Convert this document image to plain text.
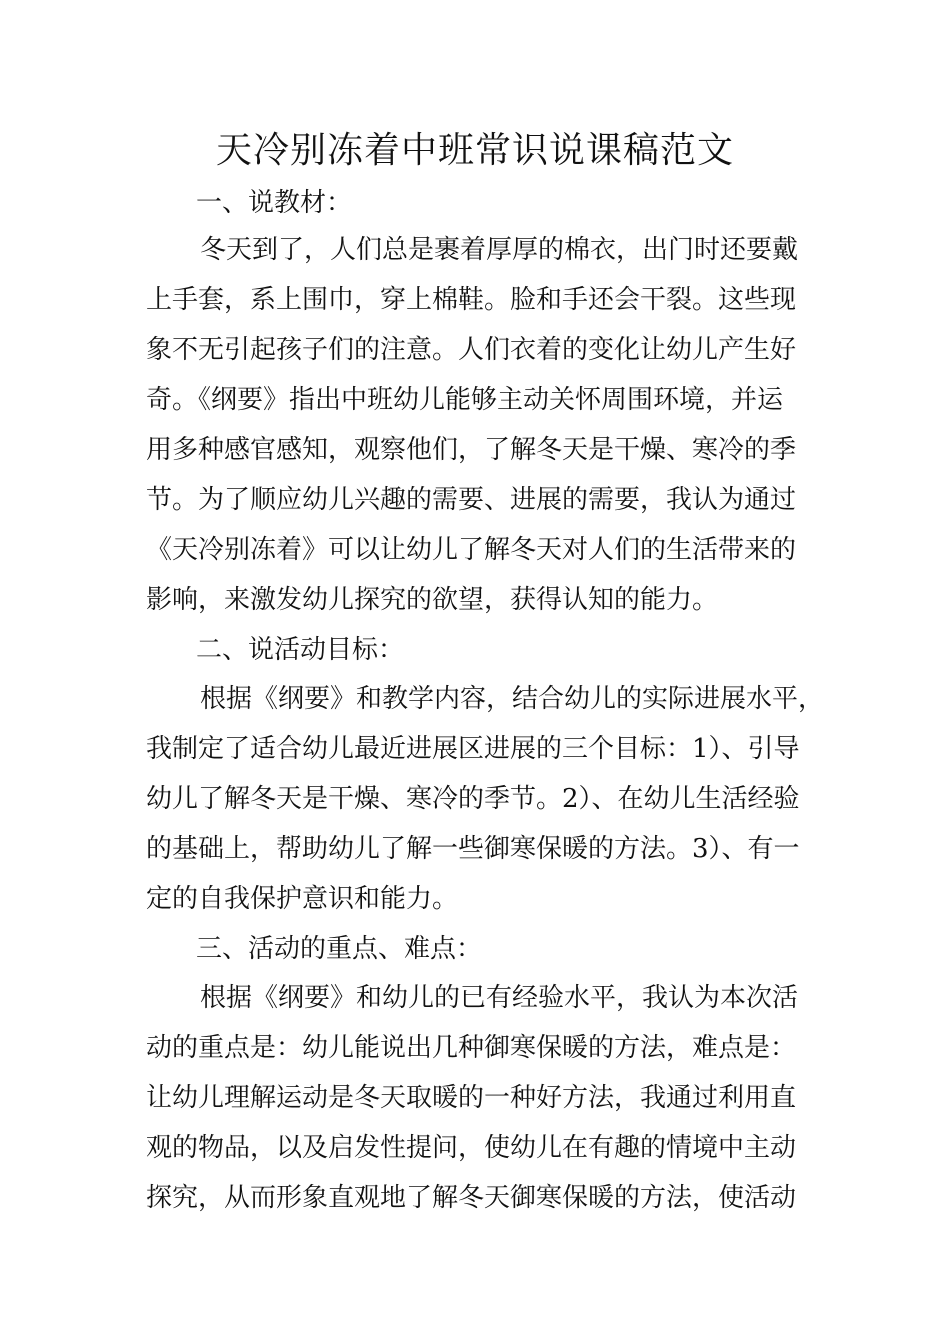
天冷别冻着中班常识说课稿范文
一、说教材：
冬天到了，人们总是裹着厚厚的棉衣，出门时还要戴
上手套，系上围巾，穿上棉鞋。脸和手还会干裂。这些现
象不无引起孩子们的注意。人们衣着的变化让幼儿产生好
奇。《纲要》指出中班幼儿能够主动关怀周围环境，并运
用多种感官感知，观察他们，了解冬天是干燥、寒冷的季
节。为了顺应幼儿兴趣的需要、进展的需要，我认为通过
《天冷别冻着》可以让幼儿了解冬天对人们的生活带来的
影响，来激发幼儿探究的欲望，获得认知的能力。
二、说活动目标：
根据《纲要》和教学内容，结合幼儿的实际进展水平，
我制定了适合幼儿最近进展区进展的三个目标：1）、引导
幼儿了解冬天是干燥、寒冷的季节。2）、在幼儿生活经验
的基础上，帮助幼儿了解一些御寒保暖的方法。3）、有一
定的自我保护意识和能力。
三、活动的重点、难点：
根据《纲要》和幼儿的已有经验水平，我认为本次活
动的重点是：幼儿能说出几种御寒保暖的方法，难点是：
让幼儿理解运动是冬天取暖的一种好方法，我通过利用直
观的物品，以及启发性提问，使幼儿在有趣的情境中主动
探究，从而形象直观地了解冬天御寒保暖的方法，使活动
